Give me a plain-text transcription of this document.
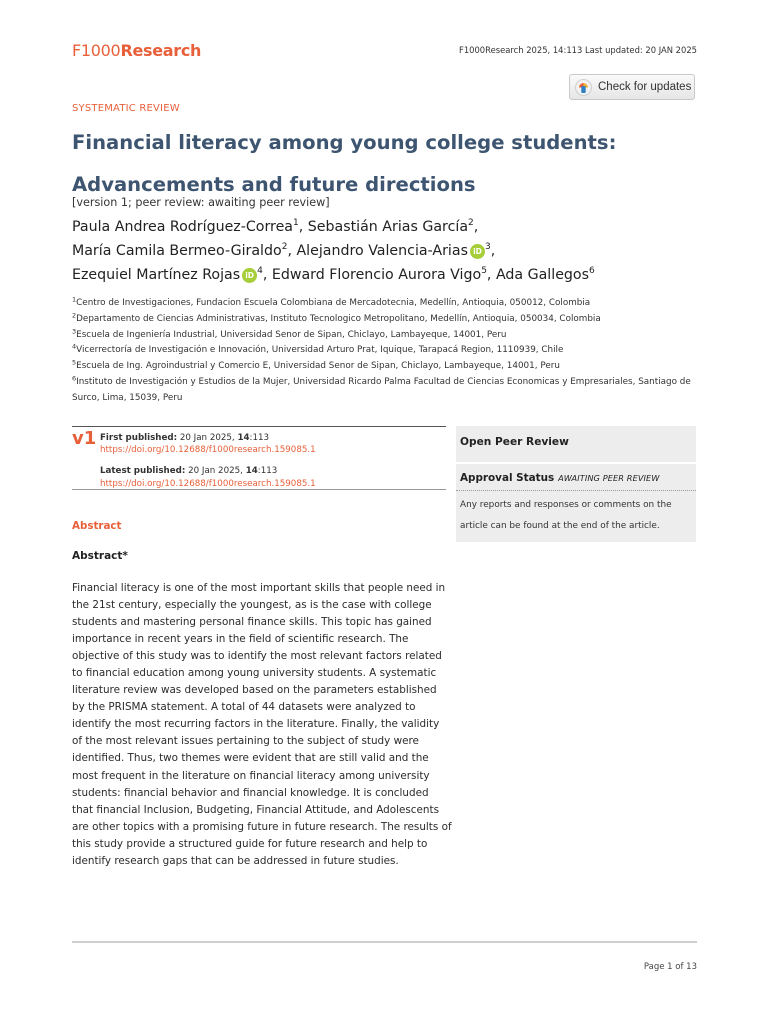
F1000Research	F1000Research 2025, 14:113 Last updated: 20 JAN 2025
Check for updates
SYSTEMATIC REVIEW
Financial literacy among young college students:
Advancements and future directions
[version 1; peer review: awaiting peer review]
Paula Andrea Rodríguez-Correa$^1$, Sebastián Arias García$^2$,
María Camila Bermeo-Giraldo$^2$, Alejandro Valencia-Arias iD $^3$,
Ezequiel Martínez Rojas iD $^4$, Edward Florencio Aurora Vigo$^5$, Ada Gallegos$^6$
$^1$Centro de Investigaciones, Fundacion Escuela Colombiana de Mercadotecnia, Medellín, Antioquia, 050012, Colombia
$^2$Departamento de Ciencias Administrativas, Instituto Tecnologico Metropolitano, Medellín, Antioquia, 050034, Colombia
$^3$Escuela de Ingeniería Industrial, Universidad Senor de Sipan, Chiclayo, Lambayeque, 14001, Peru
$^4$Vicerrectoría de Investigación e Innovación, Universidad Arturo Prat, Iquique, Tarapacá Region, 1110939, Chile
$^5$Escuela de Ing. Agroindustrial y Comercio E, Universidad Senor de Sipan, Chiclayo, Lambayeque, 14001, Peru
$^6$Instituto de Investigación y Estudios de la Mujer, Universidad Ricardo Palma Facultad de Ciencias Economicas y Empresariales, Santiago de Surco, Lima, 15039, Peru
v1 First published: 20 Jan 2025, 14:113
https://doi.org/10.12688/f1000research.159085.1
Latest published: 20 Jan 2025, 14:113
https://doi.org/10.12688/f1000research.159085.1
Open Peer Review
Approval Status AWAITING PEER REVIEW
Any reports and responses or comments on the article can be found at the end of the article.
Abstract
Abstract*
Financial literacy is one of the most important skills that people need in the 21st century, especially the youngest, as is the case with college students and mastering personal finance skills. This topic has gained importance in recent years in the field of scientific research. The objective of this study was to identify the most relevant factors related to financial education among young university students. A systematic literature review was developed based on the parameters established by the PRISMA statement. A total of 44 datasets were analyzed to identify the most recurring factors in the literature. Finally, the validity of the most relevant issues pertaining to the subject of study were identified. Thus, two themes were evident that are still valid and the most frequent in the literature on financial literacy among university students: financial behavior and financial knowledge. It is concluded that financial Inclusion, Budgeting, Financial Attitude, and Adolescents are other topics with a promising future in future research. The results of this study provide a structured guide for future research and help to identify research gaps that can be addressed in future studies.
Page 1 of 13
